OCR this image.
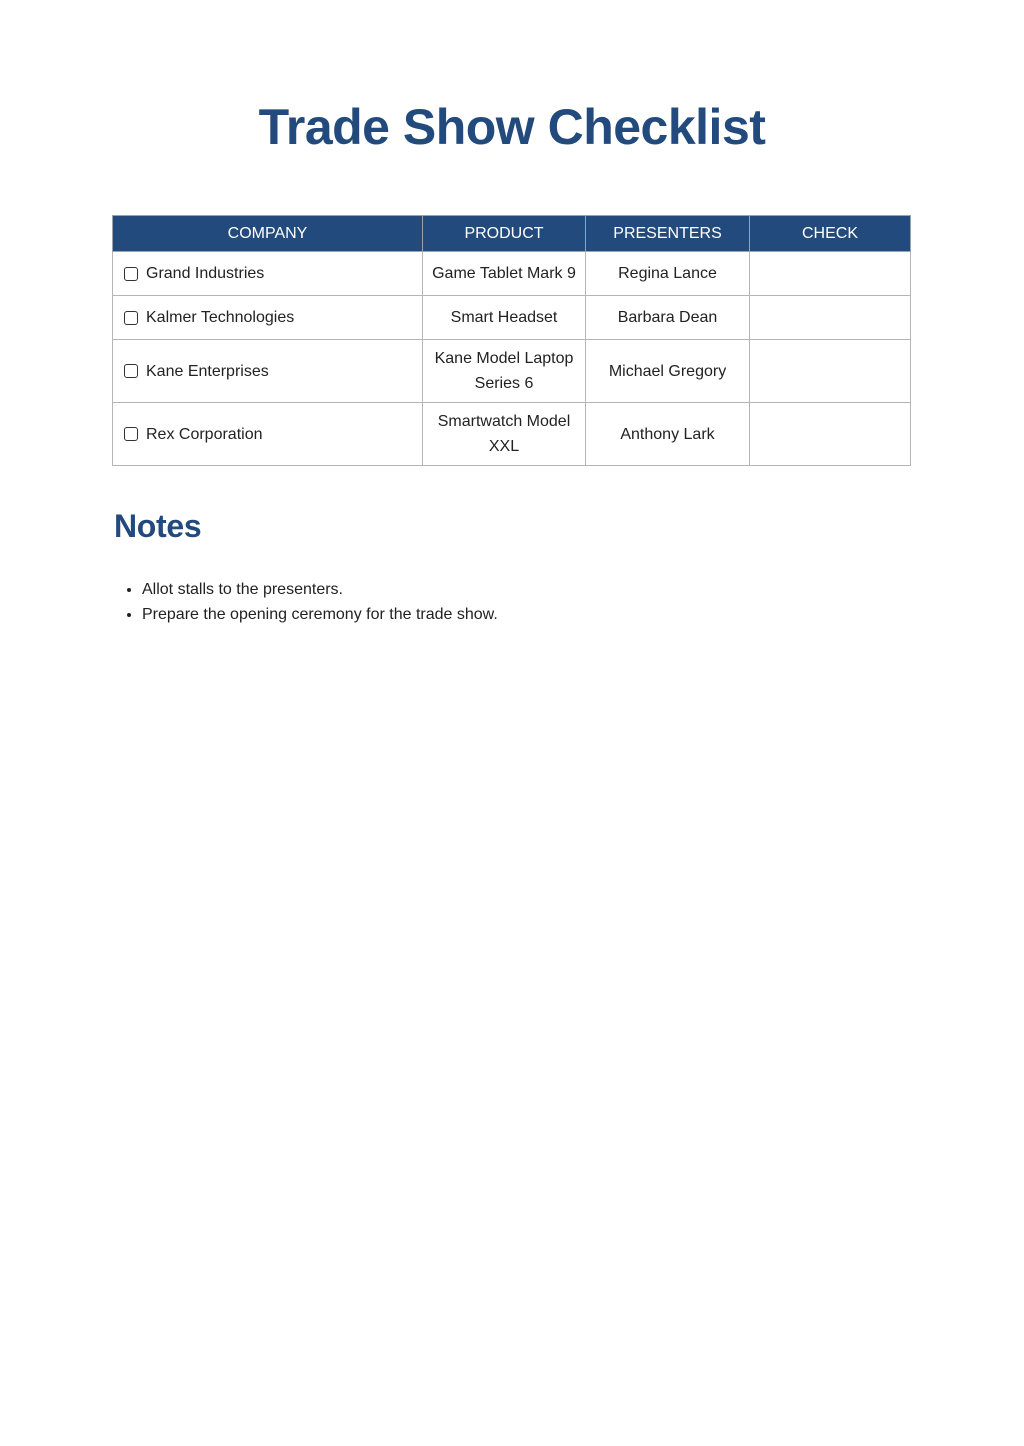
Trade Show Checklist
COMPANY	PRODUCT	PRESENTERS	CHECK

Grand Industries	Game Tablet Mark 9	Regina Lance	

Kalmer Technologies	Smart Headset	Barbara Dean	

Kane Enterprises	Kane Model Laptop Series 6	Michael Gregory	

Rex Corporation	Smartwatch Model XXL	Anthony Lark	
Notes
• Allot stalls to the presenters.
• Prepare the opening ceremony for the trade show.
